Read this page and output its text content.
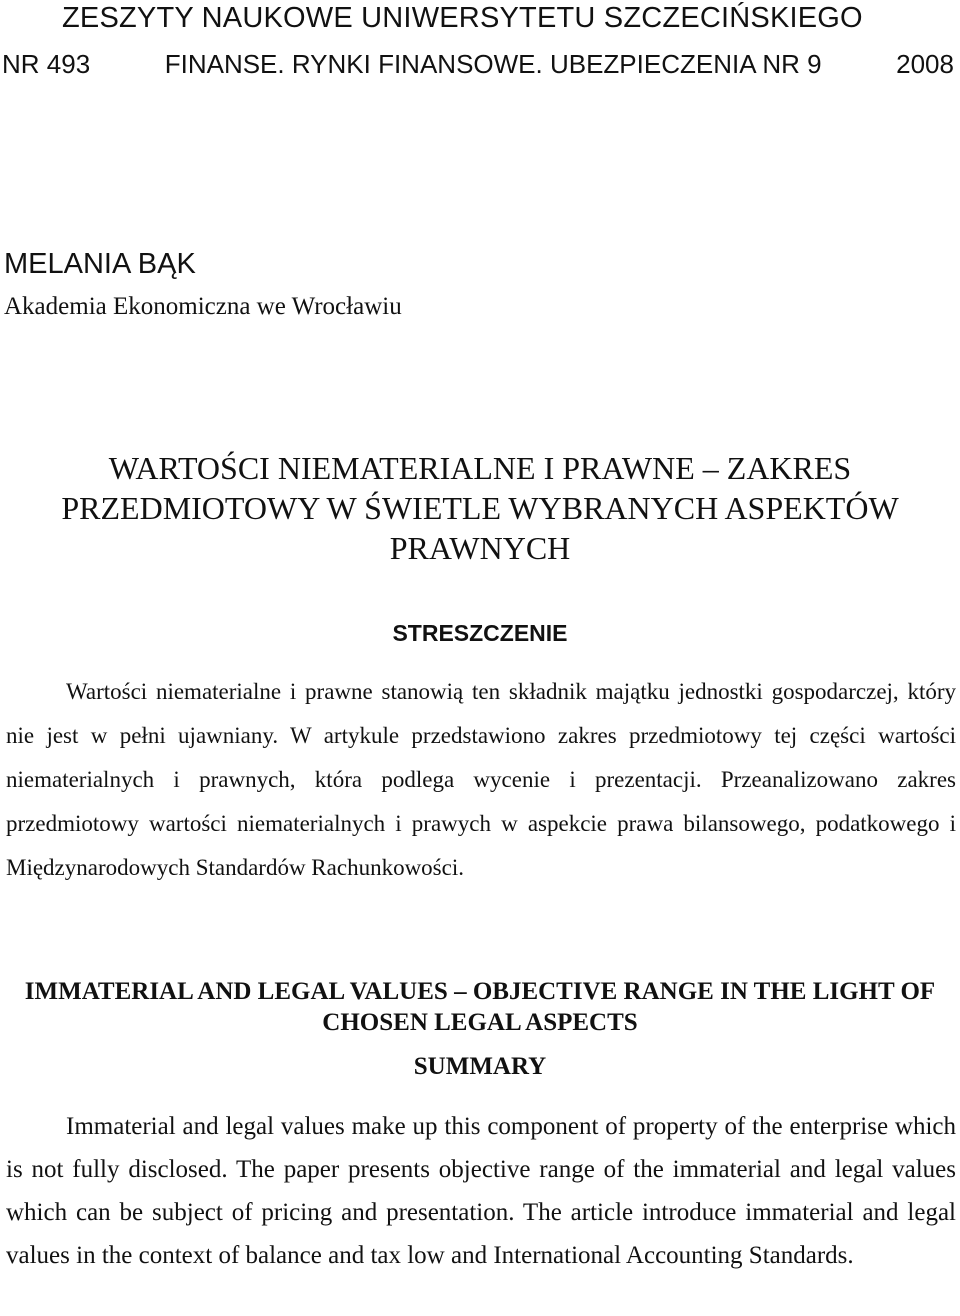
ZESZYTY NAUKOWE UNIWERSYTETU SZCZECIŃSKIEGO
NR 493	FINANSE. RYNKI FINANSOWE. UBEZPIECZENIA NR 9	2008
MELANIA BĄK
Akademia Ekonomiczna we Wrocławiu
WARTOŚCI NIEMATERIALNE I PRAWNE – ZAKRES PRZEDMIOTOWY W ŚWIETLE WYBRANYCH ASPEKTÓW PRAWNYCH
STRESZCZENIE

Wartości niematerialne i prawne stanowią ten składnik majątku jednostki gospodarczej, który nie jest w pełni ujawniany. W artykule przedstawiono zakres przedmiotowy tej części wartości niematerialnych i prawnych, która podlega wycenie i prezentacji. Przeanalizowano zakres przedmiotowy wartości niematerialnych i prawych w aspekcie prawa bilansowego, podatkowego i Międzynarodowych Standardów Rachunkowości.

IMMATERIAL AND LEGAL VALUES – OBJECTIVE RANGE IN THE LIGHT OF CHOSEN LEGAL ASPECTS
SUMMARY

Immaterial and legal values make up this component of property of the enterprise which is not fully disclosed. The paper presents objective range of the immaterial and legal values which can be subject of pricing and presentation. The article introduce immaterial and legal values in the context of balance and tax low and International Accounting Standards.
